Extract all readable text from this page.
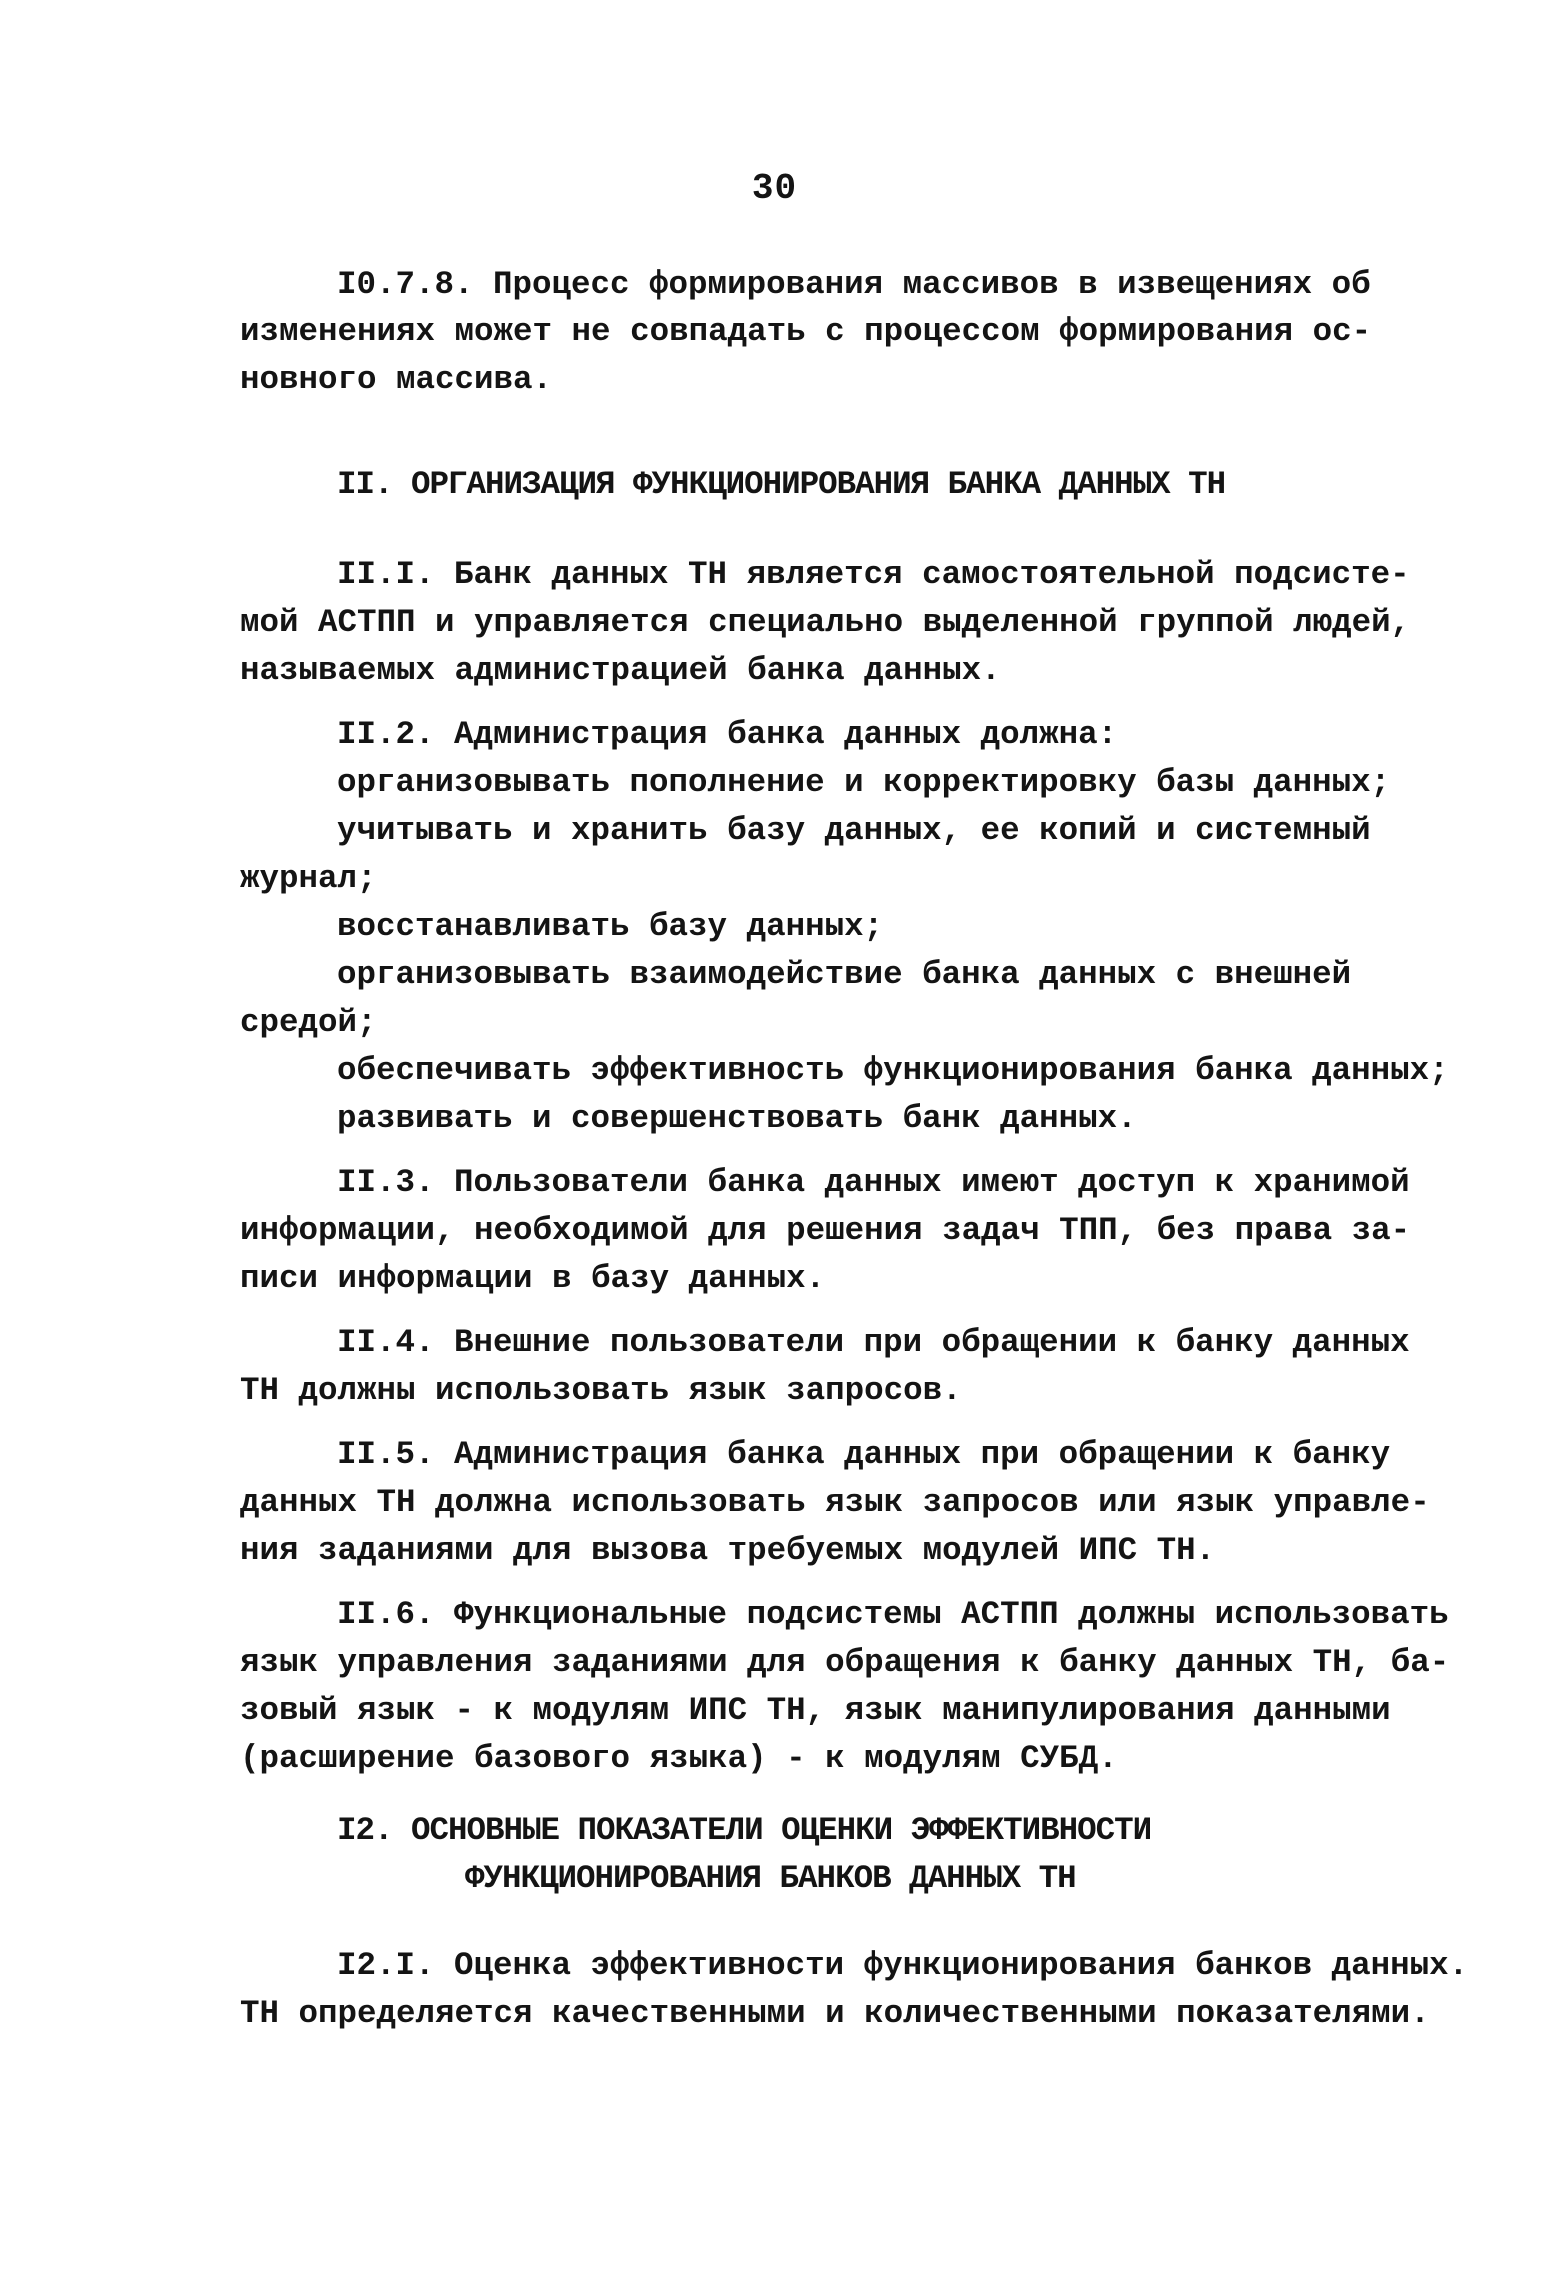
30
I0.7.8. Процесс формирования массивов в извещениях об
изменениях может не совпадать с процессом формирования ос-
новного массива.
II. ОРГАНИЗАЦИЯ ФУНКЦИОНИРОВАНИЯ БАНКА ДАННЫХ ТН
II.I. Банк данных ТН является самостоятельной подсисте-
мой АСТПП и управляется специально выделенной группой людей,
называемых администрацией банка данных.
II.2. Администрация банка данных должна:
организовывать пополнение и корректировку базы данных;
учитывать и хранить базу данных, ее копий и системный
журнал;
восстанавливать базу данных;
организовывать взаимодействие банка данных с внешней
средой;
обеспечивать эффективность функционирования банка данных;
развивать и совершенствовать банк данных.
II.3. Пользователи банка данных имеют доступ к хранимой
информации, необходимой для решения задач ТПП, без права за-
писи информации в базу данных.
II.4. Внешние пользователи при обращении к банку данных
ТН должны использовать язык запросов.
II.5. Администрация банка данных при обращении к банку
данных ТН должна использовать язык запросов или язык управле-
ния заданиями для вызова требуемых модулей ИПС ТН.
II.6. Функциональные подсистемы АСТПП должны использовать
язык управления заданиями для обращения к банку данных ТН, ба-
зовый язык - к модулям ИПС ТН, язык манипулирования данными
(расширение базового языка) - к модулям СУБД.
I2. ОСНОВНЫЕ ПОКАЗАТЕЛИ ОЦЕНКИ ЭФФЕКТИВНОСТИ
ФУНКЦИОНИРОВАНИЯ БАНКОВ ДАННЫХ ТН
I2.I. Оценка эффективности функционирования банков данных.
ТН определяется качественными и количественными показателями.
